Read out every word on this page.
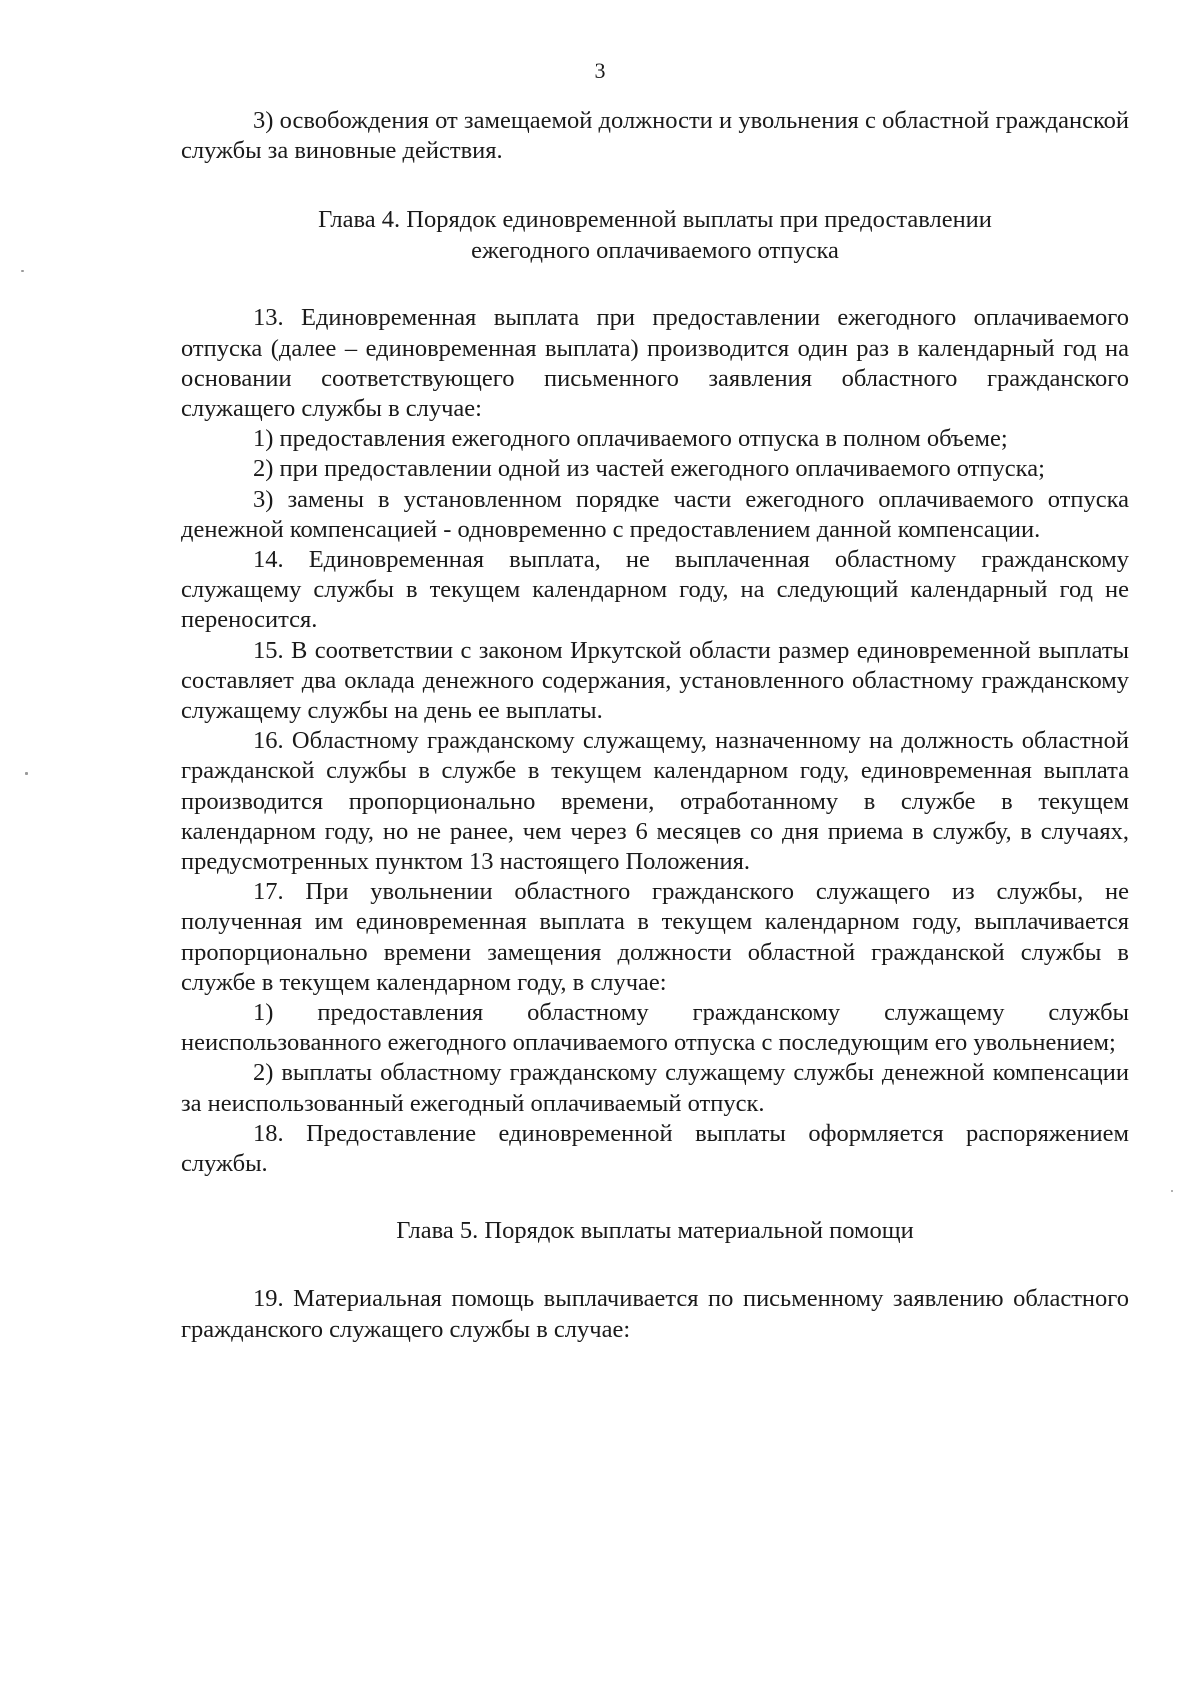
3

3) освобождения от замещаемой должности и увольнения с областной гражданской службы за виновные действия.

Глава 4. Порядок единовременной выплаты при предоставлении

ежегодного оплачиваемого отпуска

13. Единовременная выплата при предоставлении ежегодного оплачиваемого отпуска (далее – единовременная выплата) производится один раз в календарный год на основании соответствующего письменного заявления областного гражданского служащего службы в случае:

1) предоставления ежегодного оплачиваемого отпуска в полном объеме;

2) при предоставлении одной из частей ежегодного оплачиваемого отпуска;

3) замены в установленном порядке части ежегодного оплачиваемого отпуска денежной компенсацией - одновременно с предоставлением данной компенсации.

14. Единовременная выплата, не выплаченная областному гражданскому служащему службы в текущем календарном году, на следующий календарный год не переносится.

15. В соответствии с законом Иркутской области размер единовременной выплаты составляет два оклада денежного содержания, установленного областному гражданскому служащему службы на день ее выплаты.

16. Областному гражданскому служащему, назначенному на должность областной гражданской службы в службе в текущем календарном году, единовременная выплата производится пропорционально времени, отработанному в службе в текущем календарном году, но не ранее, чем через 6 месяцев со дня приема в службу, в случаях, предусмотренных пунктом 13 настоящего Положения.

17. При увольнении областного гражданского служащего из службы, не полученная им единовременная выплата в текущем календарном году, выплачивается пропорционально времени замещения должности областной гражданской службы в службе в текущем календарном году, в случае:

1) предоставления областному гражданскому служащему службы неиспользованного ежегодного оплачиваемого отпуска с последующим его увольнением;

2) выплаты областному гражданскому служащему службы денежной компенсации за неиспользованный ежегодный оплачиваемый отпуск.

18. Предоставление единовременной выплаты оформляется распоряжением службы.

Глава 5. Порядок выплаты материальной помощи

19. Материальная помощь выплачивается по письменному заявлению областного гражданского служащего службы в случае:
